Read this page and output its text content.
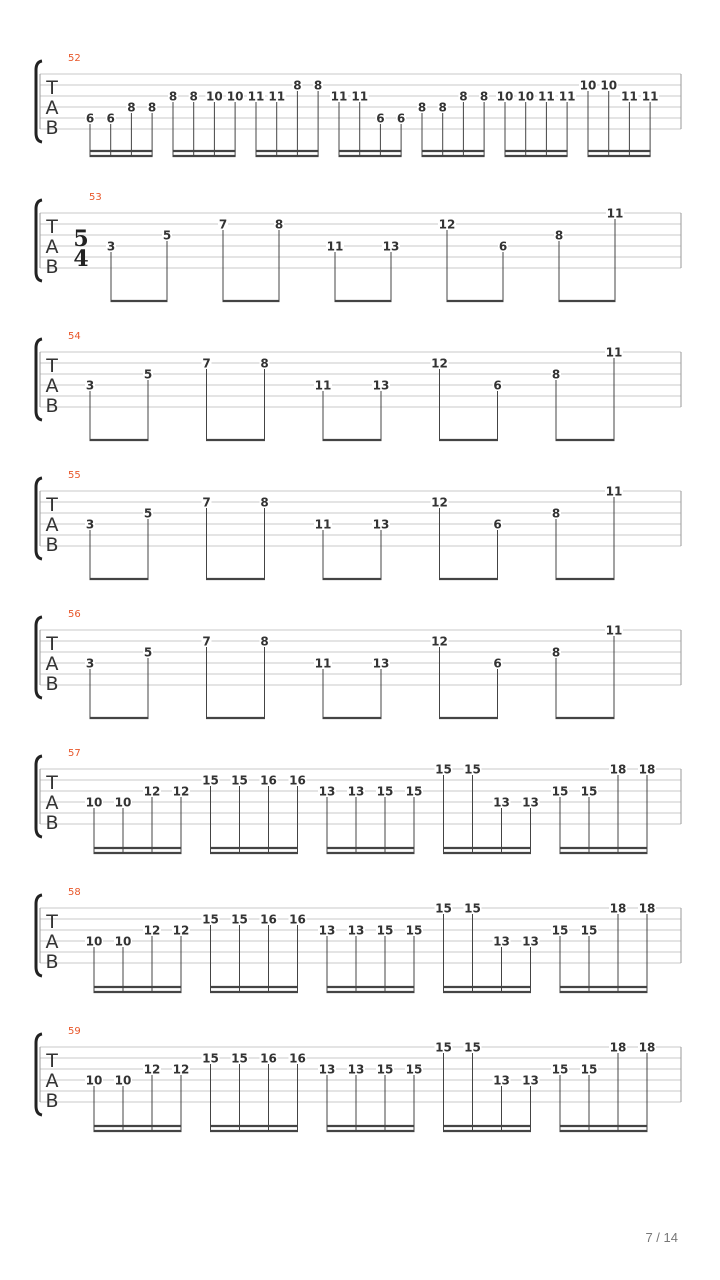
T
A
B
52
6 6
8 8
8 8 10 10 11 11
8 8
11 11
6 6
8 8
8 8 10 10 11 11
10 10
11 11
T
A
B
53
5
4 3
5
7	8
11	13
12
6
8
11
T
A
B
54
3
5
7	8
11	13
12
6
8
11
T
A
B
55
3
5
7	8
11	13
12
6
8
11
T
A
B
56
3
5
7	8
11	13
12
6
8
11
T
A
B
57
10 10
12 12
15 15 16 16
13 13 15 15
15 15
13 13
15 15
18 18
T
A
B
58
10 10
12 12
15 15 16 16
13 13 15 15
15 15
13 13
15 15
18 18
T
A
B
59
10 10
12 12
15 15 16 16
13 13 15 15
15 15
13 13
15 15
18 18
7 / 14
